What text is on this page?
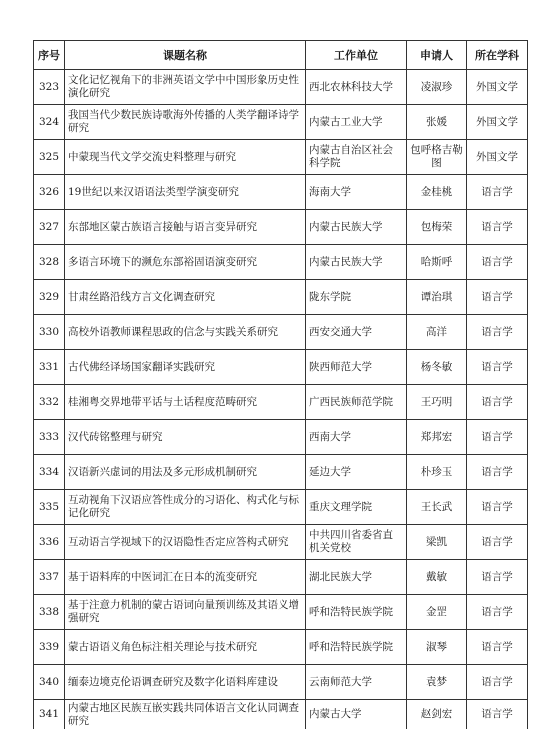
序号	课题名称	工作单位	申请人	所在学科
323	文化记忆视角下的非洲英语文学中中国形象历史性演化研究	西北农林科技大学	凌淑珍	外国文学
324	我国当代少数民族诗歌海外传播的人类学翻译诗学研究	内蒙古工业大学	张媛	外国文学
325	中蒙现当代文学交流史料整理与研究	内蒙古自治区社会科学院	包呼格吉勒图	外国文学
326	19世纪以来汉语语法类型学演变研究	海南大学	金桂桃	语言学
327	东部地区蒙古族语言接触与语言变异研究	内蒙古民族大学	包梅荣	语言学
328	多语言环境下的濒危东部裕固语演变研究	内蒙古民族大学	哈斯呼	语言学
329	甘肃丝路沿线方言文化调查研究	陇东学院	谭治琪	语言学
330	高校外语教师课程思政的信念与实践关系研究	西安交通大学	高洋	语言学
331	古代佛经译场国家翻译实践研究	陕西师范大学	杨冬敏	语言学
332	桂湘粤交界地带平话与土话程度范畴研究	广西民族师范学院	王巧明	语言学
333	汉代砖铭整理与研究	西南大学	郑邦宏	语言学
334	汉语新兴虚词的用法及多元形成机制研究	延边大学	朴珍玉	语言学
335	互动视角下汉语应答性成分的习语化、构式化与标记化研究	重庆文理学院	王长武	语言学
336	互动语言学视域下的汉语隐性否定应答构式研究	中共四川省委省直机关党校	梁凯	语言学
337	基于语料库的中医词汇在日本的流变研究	湖北民族大学	戴敏	语言学
338	基于注意力机制的蒙古语词向量预训练及其语义增强研究	呼和浩特民族学院	金罡	语言学
339	蒙古语语义角色标注相关理论与技术研究	呼和浩特民族学院	淑琴	语言学
340	缅泰边境克伦语调查研究及数字化语料库建设	云南师范大学	袁梦	语言学
341	内蒙古地区民族互嵌实践共同体语言文化认同调查研究	内蒙古大学	赵剑宏	语言学
